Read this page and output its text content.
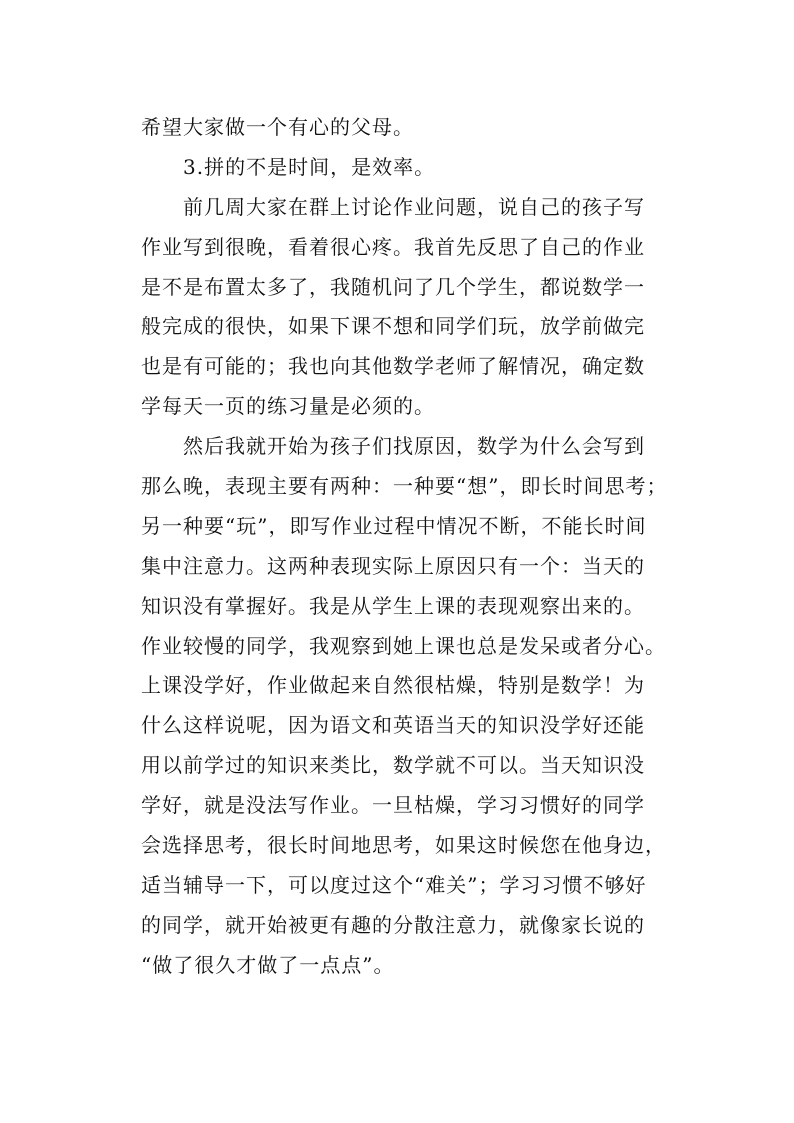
希望大家做一个有心的父母。
3.拼的不是时间，是效率。
前几周大家在群上讨论作业问题，说自己的孩子写
作业写到很晚，看着很心疼。我首先反思了自己的作业
是不是布置太多了，我随机问了几个学生，都说数学一
般完成的很快，如果下课不想和同学们玩，放学前做完
也是有可能的；我也向其他数学老师了解情况，确定数
学每天一页的练习量是必须的。
然后我就开始为孩子们找原因，数学为什么会写到
那么晚，表现主要有两种：一种要“想”，即长时间思考；
另一种要“玩”，即写作业过程中情况不断，不能长时间
集中注意力。这两种表现实际上原因只有一个：当天的
知识没有掌握好。我是从学生上课的表现观察出来的。
作业较慢的同学，我观察到她上课也总是发呆或者分心。
上课没学好，作业做起来自然很枯燥，特别是数学！为
什么这样说呢，因为语文和英语当天的知识没学好还能
用以前学过的知识来类比，数学就不可以。当天知识没
学好，就是没法写作业。一旦枯燥，学习习惯好的同学
会选择思考，很长时间地思考，如果这时候您在他身边，
适当辅导一下，可以度过这个“难关”；学习习惯不够好
的同学，就开始被更有趣的分散注意力，就像家长说的
“做了很久才做了一点点”。
